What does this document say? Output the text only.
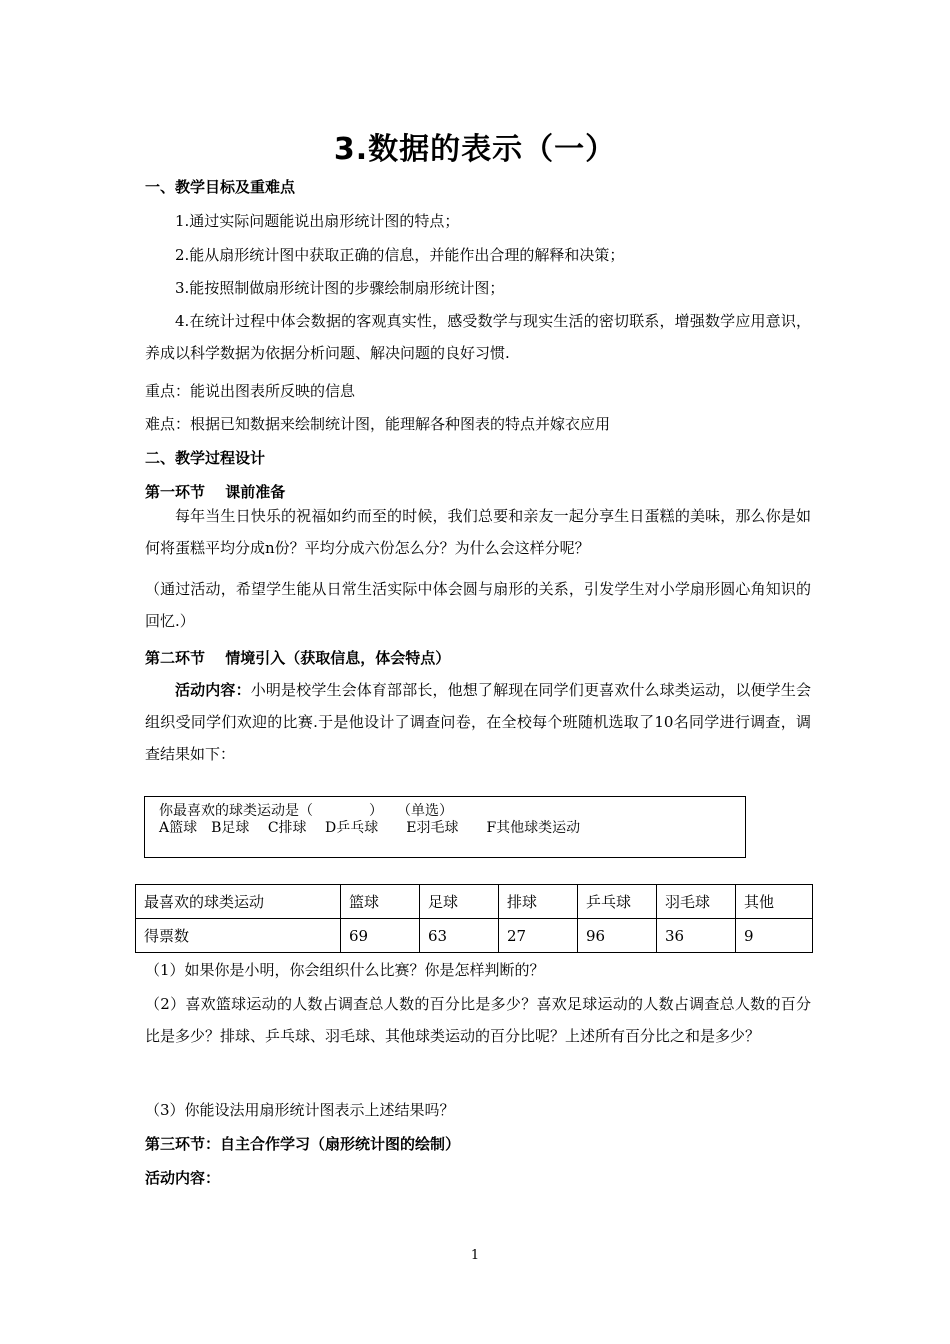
3.数据的表示（一）
一、教学目标及重难点
1.通过实际问题能说出扇形统计图的特点；
2.能从扇形统计图中获取正确的信息，并能作出合理的解释和决策；
3.能按照制做扇形统计图的步骤绘制扇形统计图；
4.在统计过程中体会数据的客观真实性，感受数学与现实生活的密切联系，增强数学应用意识，养成以科学数据为依据分析问题、解决问题的良好习惯.
重点：能说出图表所反映的信息
难点：根据已知数据来绘制统计图，能理解各种图表的特点并嫁衣应用
二、教学过程设计
第一环节　 课前准备
每年当生日快乐的祝福如约而至的时候，我们总要和亲友一起分享生日蛋糕的美味，那么你是如何将蛋糕平均分成n份？平均分成六份怎么分？为什么会这样分呢？
（通过活动，希望学生能从日常生活实际中体会圆与扇形的关系，引发学生对小学扇形圆心角知识的回忆.）
第二环节　 情境引入（获取信息，体会特点）
活动内容：小明是校学生会体育部部长，他想了解现在同学们更喜欢什么球类运动，以便学生会组织受同学们欢迎的比赛.于是他设计了调查问卷，在全校每个班随机选取了10名同学进行调查，调查结果如下：
你最喜欢的球类运动是（　　　　）　　（单选）
A篮球　B足球　 C排球　 D乒乓球　　E羽毛球　　F其他球类运动
最喜欢的球类运动	篮球	足球	排球	乒乓球	羽毛球	其他
得票数	69	63	27	96	36	9
（1）如果你是小明，你会组织什么比赛？你是怎样判断的？
（2）喜欢篮球运动的人数占调查总人数的百分比是多少？喜欢足球运动的人数占调查总人数的百分比是多少？排球、乒乓球、羽毛球、其他球类运动的百分比呢？上述所有百分比之和是多少？
（3）你能设法用扇形统计图表示上述结果吗？
第三环节：自主合作学习（扇形统计图的绘制）
活动内容：
1
